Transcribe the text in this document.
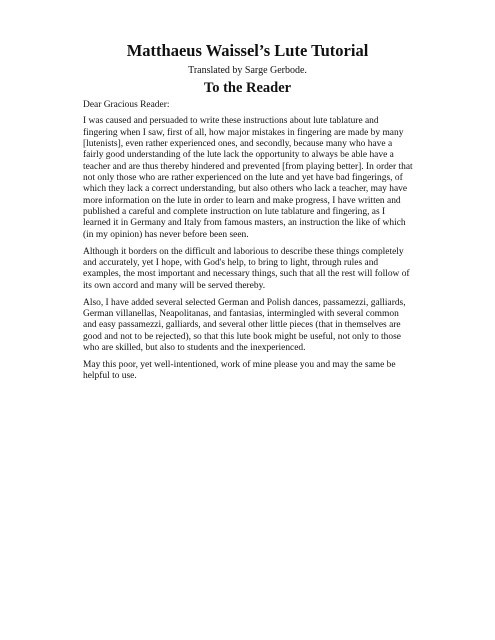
Matthaeus Waissel’s Lute Tutorial

Translated by Sarge Gerbode.

To the Reader

Dear Gracious Reader:

I was caused and persuaded to write these instructions about lute tablature and fingering when I saw, first of all, how major mistakes in fingering are made by many [lutenists], even rather experienced ones, and secondly, because many who have a fairly good understanding of the lute lack the opportunity to always be able have a teacher and are thus thereby hindered and prevented [from playing better]. In order that not only those who are rather experienced on the lute and yet have bad fingerings, of which they lack a correct understanding, but also others who lack a teacher, may have more information on the lute in order to learn and make progress, I have written and published a careful and complete instruction on lute tablature and fingering, as I learned it in Germany and Italy from famous masters, an instruction the like of which (in my opinion) has never before been seen.

Although it borders on the difficult and laborious to describe these things completely and accurately, yet I hope, with God's help, to bring to light, through rules and examples, the most important and necessary things, such that all the rest will follow of its own accord and many will be served thereby.

Also, I have added several selected German and Polish dances, passamezzi, galliards, German villanellas, Neapolitanas, and fantasias, intermingled with several common and easy passamezzi, galliards, and several other little pieces (that in themselves are good and not to be rejected), so that this lute book might be useful, not only to those who are skilled, but also to students and the inexperienced.

May this poor, yet well-intentioned, work of mine please you and may the same be helpful to use.
